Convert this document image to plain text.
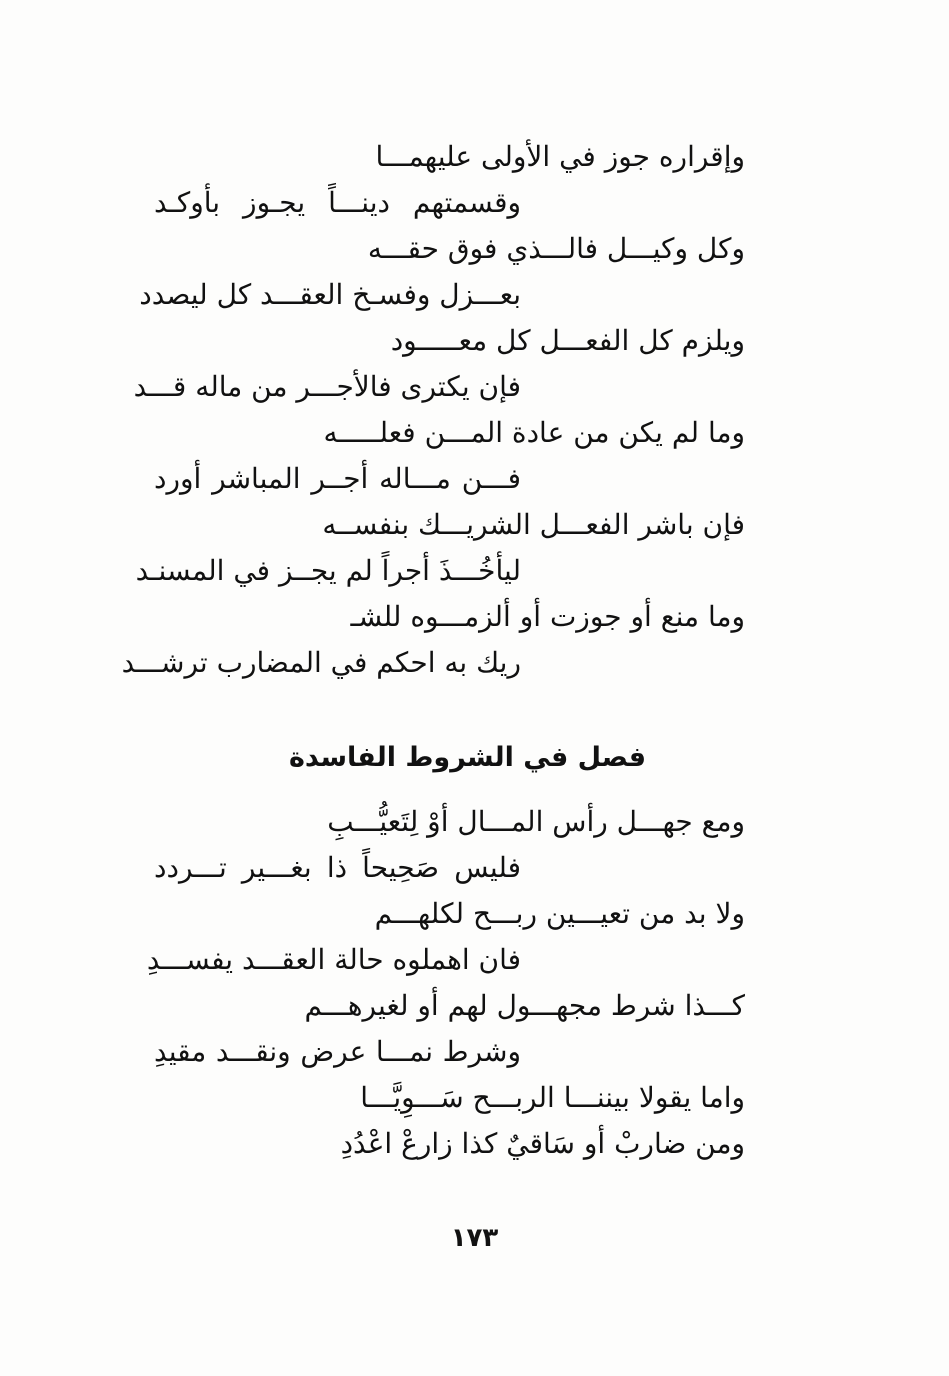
وإقراره جوز في الأولى عليهمـــا
وقسمتهم دينـــاً يجـوز بأوكـد
وكل وكيـــل فالـــذي فوق حقـــه
بعـــزل وفسـخ العقـــد كل ليصدد
ويلزم كل الفعـــل كل معـــــود
فإن يكترى فالأجـــر من ماله قـــد
وما لم يكن من عادة المـــن فعلـــــه
فـــن مـــاله أجــر المباشر أورد
فإن باشر الفعـــل الشريـــك بنفســه
ليأخُـــذَ أجراً لم يجــز في المسنـد
وما منع أو جوزت أو ألزمـــوه للشـ
ريك به احكم في المضارب ترشـــد
فصل في الشروط الفاسدة
ومع جهـــل رأس المـــال أوْ لِتَعيُّـــبِ
فليس صَحِيحاً ذا بغـــير تـــردد
ولا بد من تعيـــين ربـــح لكلهـــم
فان اهملوه حالة العقـــد يفســـدِ
كـــذا شرط مجهـــول لهم أو لغيرهـــم
وشرط نمـــا عرض ونقـــد مقيدِ
واما يقولا بيننـــا الربـــح سَـــوِيَّـــا
ومن ضاربْ أو سَاقيٌ كذا زارعْ اعْدُدِ
١٧٣
